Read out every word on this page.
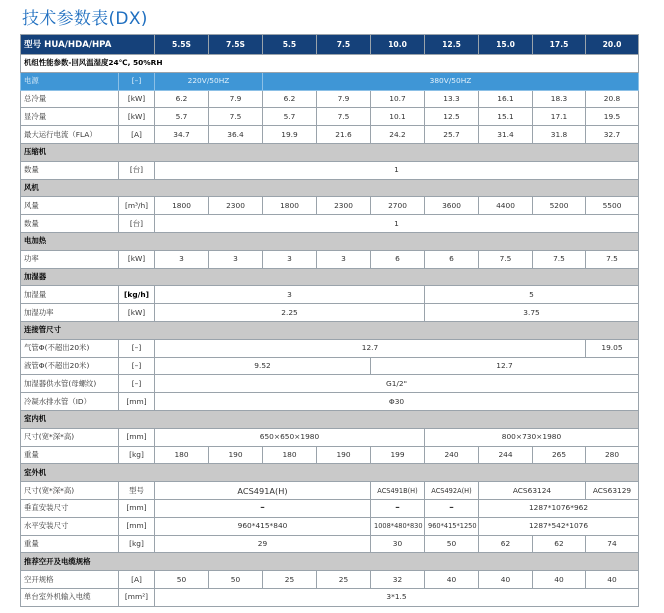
技术参数表(DX)
型号 HUA/HDA/HPA		5.5S	7.5S	5.5	7.5	10.0	12.5	15.0	17.5	20.0
机组性能参数-回风温湿度24℃, 50%RH										
电源	[–]	220V/50HZ		380V/50HZ						
总冷量	[kW]	6.2	7.9	6.2	7.9	10.7	13.3	16.1	18.3	20.8
显冷量	[kW]	5.7	7.5	5.7	7.5	10.1	12.5	15.1	17.1	19.5
最大运行电流（FLA）	[A]	34.7	36.4	19.9	21.6	24.2	25.7	31.4	31.8	32.7
压缩机										
数量	[台]	1								
风机										
风量	[m³/h]	1800	2300	1800	2300	2700	3600	4400	5200	5500
数量	[台]	1								
电加热										
功率	[kW]	3	3	3	3	6	6	7.5	7.5	7.5
加湿器										
加湿量	[kg/h]	3					5			
加湿功率	[kW]	2.25					3.75			
连接管尺寸										
气管Φ(不超出20米)	[–]	12.7								19.05
液管Φ(不超出20米)	[–]	9.52				12.7				
加湿器供水管(母螺纹)	[–]	G1/2"								
冷凝水排水管（ID）	[mm]	Φ30								
室内机										
尺寸(宽*深*高)	[mm]	650×650×1980					800×730×1980			
重量	[kg]	180	190	180	190	199	240	244	265	280
室外机										
尺寸(宽*深*高)	型号	ACS491A(H)				ACS491B(H)	ACS492A(H)	ACS63124		ACS63129
垂直安装尺寸	[mm]	–				–	–	1287*1076*962		
水平安装尺寸	[mm]	960*415*840				1008*480*830	960*415*1250	1287*542*1076		
重量	[kg]	29				30	50	62	62	74
推荐空开及电缆规格										
空开规格	[A]	50	50	25	25	32	40	40	40	40
单台室外机输入电缆	[mm²]	3*1.5								
